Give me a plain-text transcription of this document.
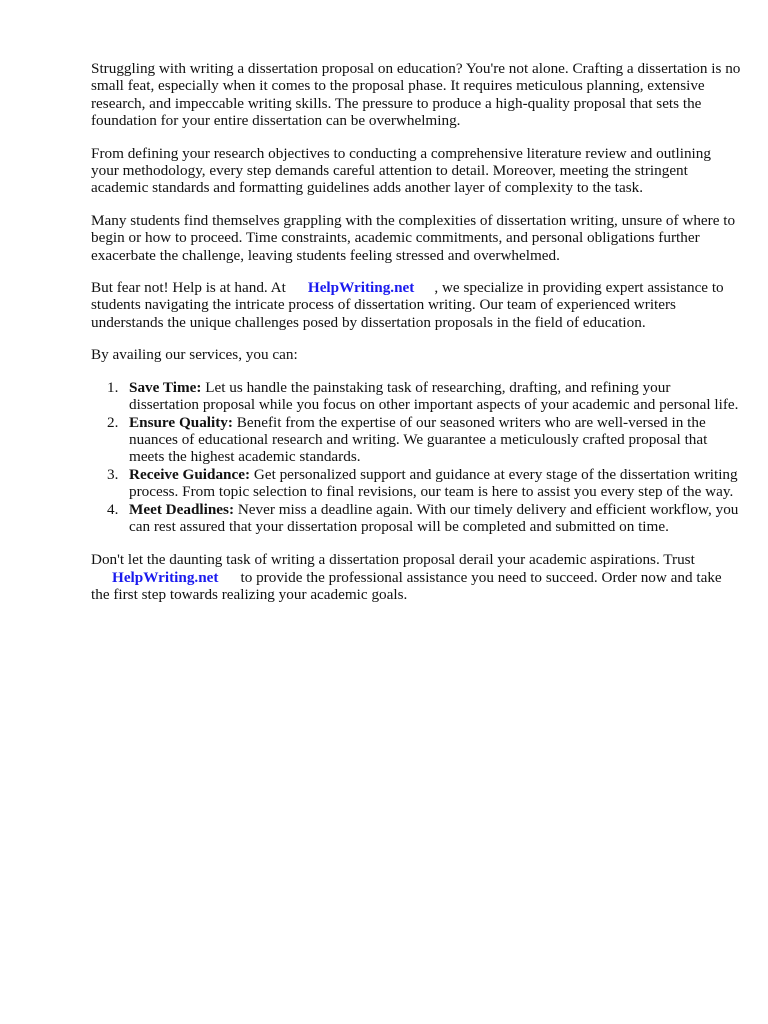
Struggling with writing a dissertation proposal on education? You're not alone. Crafting a dissertation is no small feat, especially when it comes to the proposal phase. It requires meticulous planning, extensive research, and impeccable writing skills. The pressure to produce a high-quality proposal that sets the foundation for your entire dissertation can be overwhelming.

From defining your research objectives to conducting a comprehensive literature review and outlining your methodology, every step demands careful attention to detail. Moreover, meeting the stringent academic standards and formatting guidelines adds another layer of complexity to the task.

Many students find themselves grappling with the complexities of dissertation writing, unsure of where to begin or how to proceed. Time constraints, academic commitments, and personal obligations further exacerbate the challenge, leaving students feeling stressed and overwhelmed.

But fear not! Help is at hand. At HelpWriting.net , we specialize in providing expert assistance to students navigating the intricate process of dissertation writing. Our team of experienced writers understands the unique challenges posed by dissertation proposals in the field of education.

By availing our services, you can:

1. Save Time: Let us handle the painstaking task of researching, drafting, and refining your dissertation proposal while you focus on other important aspects of your academic and personal life.
2. Ensure Quality: Benefit from the expertise of our seasoned writers who are well-versed in the nuances of educational research and writing. We guarantee a meticulously crafted proposal that meets the highest academic standards.
3. Receive Guidance: Get personalized support and guidance at every stage of the dissertation writing process. From topic selection to final revisions, our team is here to assist you every step of the way.
4. Meet Deadlines: Never miss a deadline again. With our timely delivery and efficient workflow, you can rest assured that your dissertation proposal will be completed and submitted on time.

Don't let the daunting task of writing a dissertation proposal derail your academic aspirations. Trust
HelpWriting.net to provide the professional assistance you need to succeed. Order now and take the first step towards realizing your academic goals.
